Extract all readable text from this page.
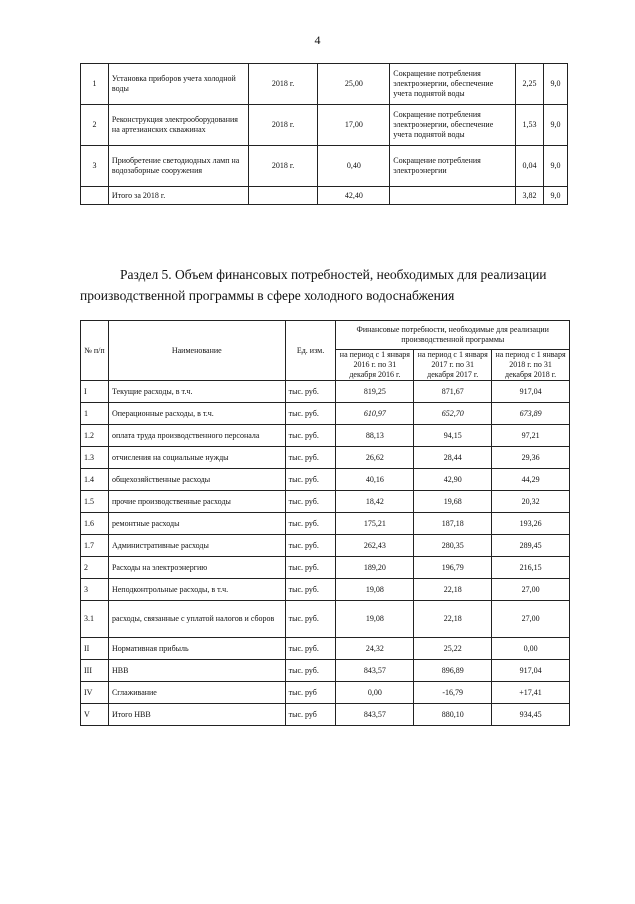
4
1	Установка приборов учета холодной воды	2018 г.	25,00	Сокращение потребления электроэнергии, обеспечение учета поднятой воды	2,25	9,0
2	Реконструкция электрооборудования на артезианских скважинах	2018 г.	17,00	Сокращение потребления электроэнергии, обеспечение учета поднятой воды	1,53	9,0
3	Приобретение светодиодных ламп на водозаборные сооружения	2018 г.	0,40	Сокращение потребления электроэнергии	0,04	9,0
	Итого за 2018 г.		42,40		3,82	9,0
Раздел 5. Объем финансовых потребностей, необходимых для реализации производственной программы в сфере холодного водоснабжения
№ п/п	Наименование	Ед. изм.	Финансовые потребности, необходимые для реализации производственной программы		
			на период с 1 января 2016 г. по 31 декабря 2016 г.	на период с 1 января 2017 г. по 31 декабря 2017 г.	на период с 1 января 2018 г. по 31 декабря 2018 г.

I	Текущие расходы, в т.ч.	тыс. руб.	819,25	871,67	917,04
1	Операционные расходы, в т.ч.	тыс. руб.	610,97	652,70	673,89
1.2	оплата труда производственного персонала	тыс. руб.	88,13	94,15	97,21
1.3	отчисления на социальные нужды	тыс. руб.	26,62	28,44	29,36
1.4	общехозяйственные расходы	тыс. руб.	40,16	42,90	44,29
1.5	прочие производственные расходы	тыс. руб.	18,42	19,68	20,32
1.6	ремонтные расходы	тыс. руб.	175,21	187,18	193,26
1.7	Административные расходы	тыс. руб.	262,43	280,35	289,45
2	Расходы на электроэнергию	тыс. руб.	189,20	196,79	216,15
3	Неподконтрольные расходы, в т.ч.	тыс. руб.	19,08	22,18	27,00
3.1	расходы, связанные с уплатой налогов и сборов	тыс. руб.	19,08	22,18	27,00
II	Нормативная прибыль	тыс. руб.	24,32	25,22	0,00
III	НВВ	тыс. руб.	843,57	896,89	917,04
IV	Сглаживание	тыс. руб	0,00	-16,79	+17,41
V	Итого НВВ	тыс. руб	843,57	880,10	934,45
